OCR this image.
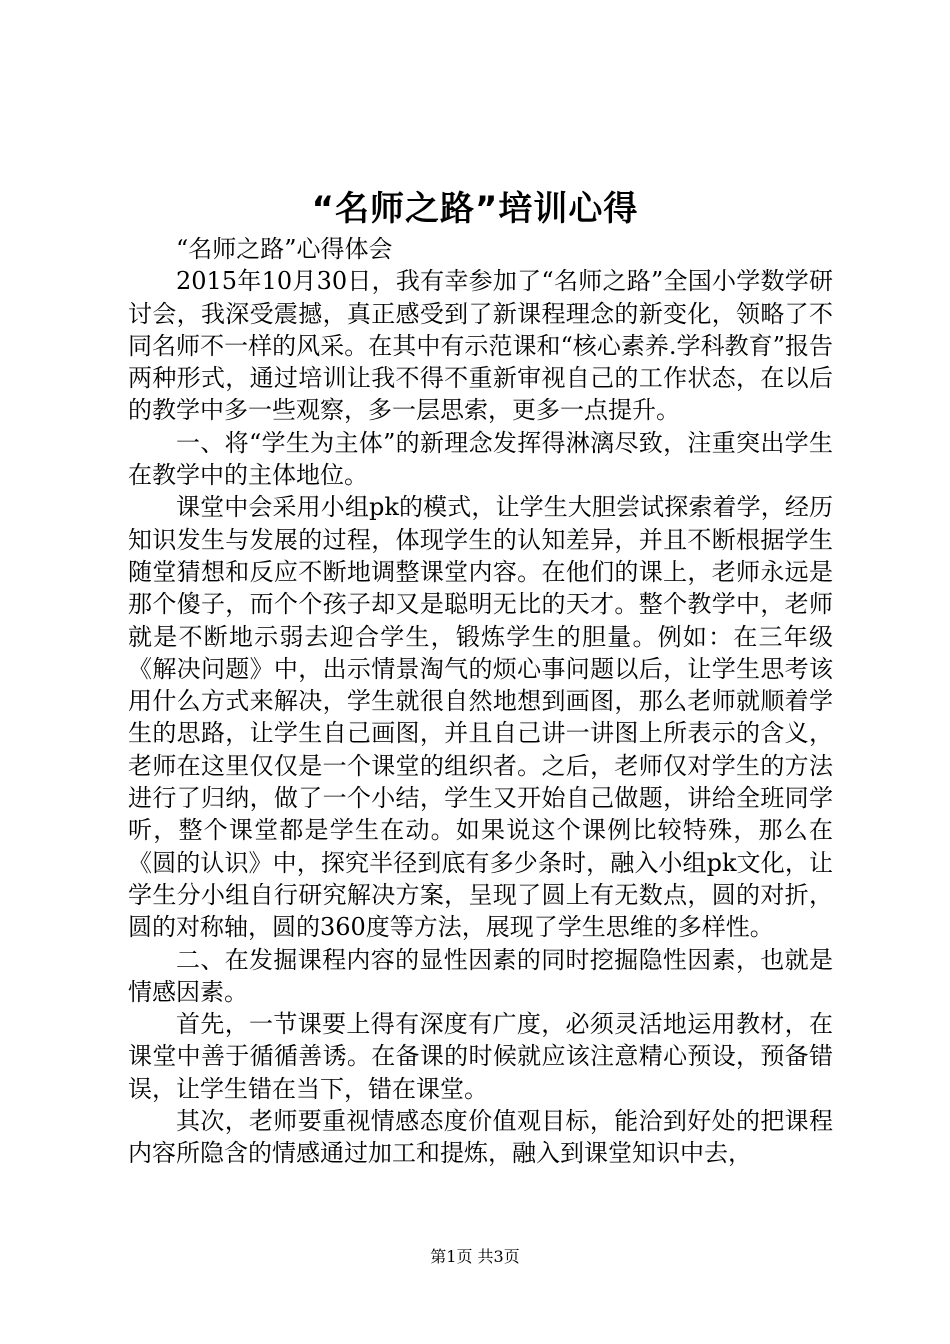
“名师之路”培训心得

“名师之路”心得体会

2015年10月30日，我有幸参加了“名师之路”全国小学数学研讨会，我深受震撼，真正感受到了新课程理念的新变化，领略了不同名师不一样的风采。在其中有示范课和“核心素养.学科教育”报告两种形式，通过培训让我不得不重新审视自己的工作状态，在以后的教学中多一些观察，多一层思索，更多一点提升。

一、将“学生为主体”的新理念发挥得淋漓尽致，注重突出学生在教学中的主体地位。

课堂中会采用小组pk的模式，让学生大胆尝试探索着学，经历知识发生与发展的过程，体现学生的认知差异，并且不断根据学生随堂猜想和反应不断地调整课堂内容。在他们的课上，老师永远是那个傻子，而个个孩子却又是聪明无比的天才。整个教学中，老师就是不断地示弱去迎合学生，锻炼学生的胆量。例如：在三年级《解决问题》中，出示情景淘气的烦心事问题以后，让学生思考该用什么方式来解决，学生就很自然地想到画图，那么老师就顺着学生的思路，让学生自己画图，并且自己讲一讲图上所表示的含义，老师在这里仅仅是一个课堂的组织者。之后，老师仅对学生的方法进行了归纳，做了一个小结，学生又开始自己做题，讲给全班同学听，整个课堂都是学生在动。如果说这个课例比较特殊，那么在《圆的认识》中，探究半径到底有多少条时，融入小组pk文化，让学生分小组自行研究解决方案，呈现了圆上有无数点，圆的对折，圆的对称轴，圆的360度等方法，展现了学生思维的多样性。

二、在发掘课程内容的显性因素的同时挖掘隐性因素，也就是情感因素。

首先，一节课要上得有深度有广度，必须灵活地运用教材，在课堂中善于循循善诱。在备课的时候就应该注意精心预设，预备错误，让学生错在当下，错在课堂。

其次，老师要重视情感态度价值观目标，能洽到好处的把课程内容所隐含的情感通过加工和提炼，融入到课堂知识中去，

第1页 共3页
